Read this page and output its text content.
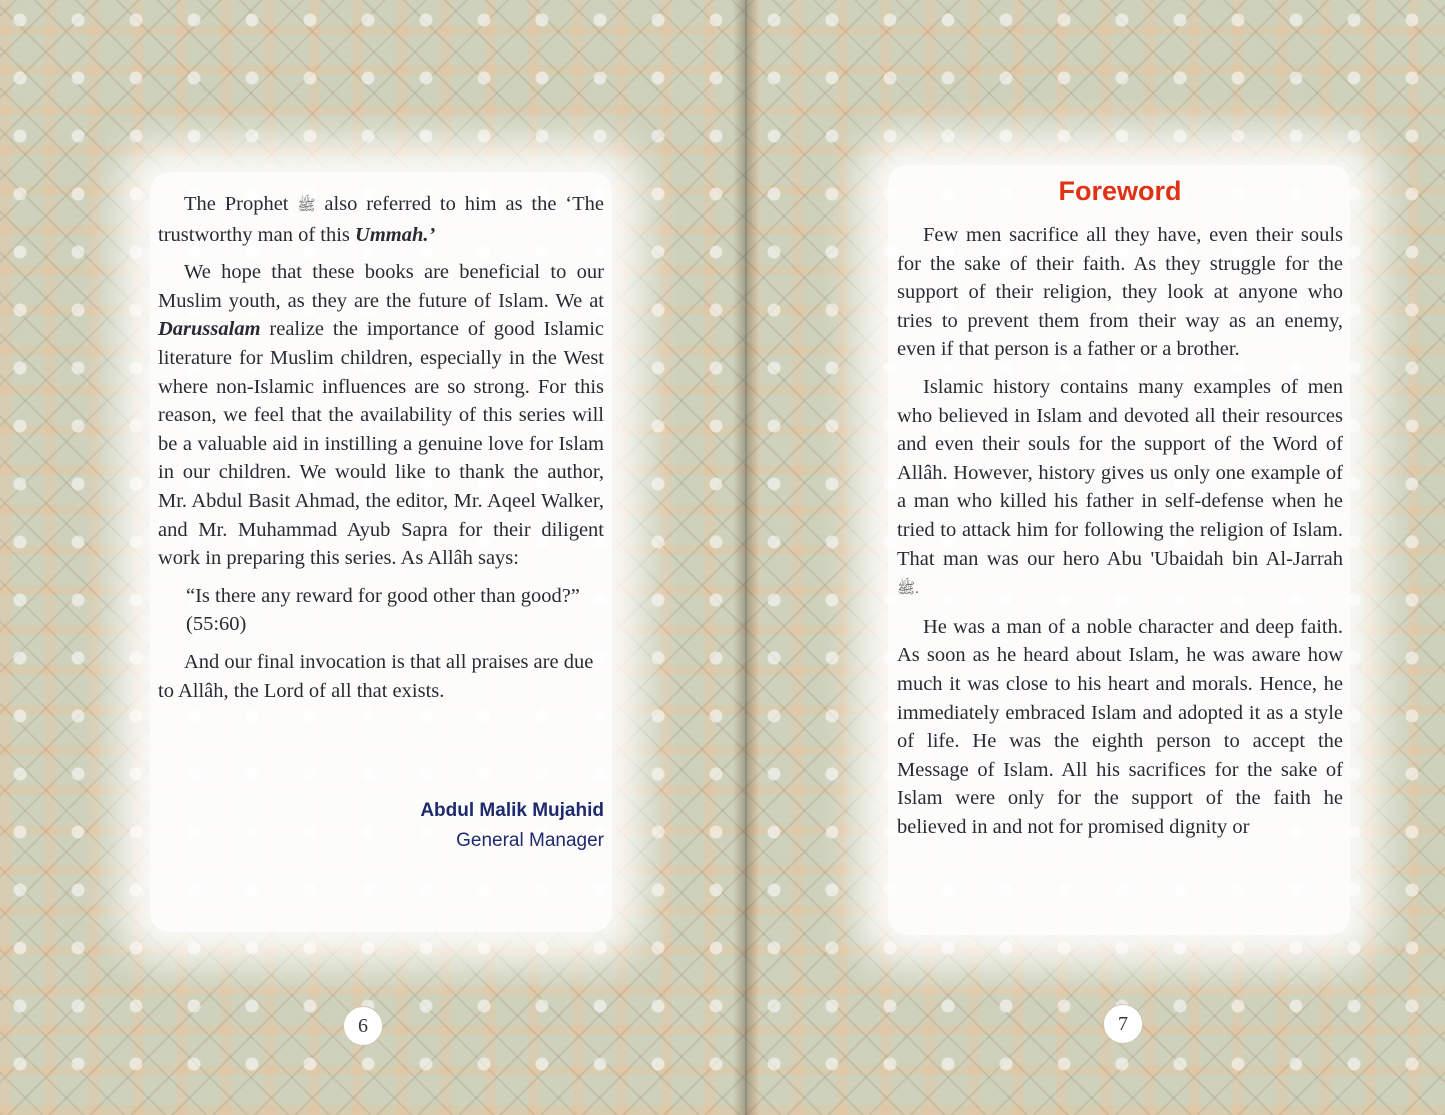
The Prophet ﷺ also referred to him as the ‘The trustworthy man of this Ummah.’

We hope that these books are beneficial to our Muslim youth, as they are the future of Islam. We at Darussalam realize the importance of good Islamic literature for Muslim children, especially in the West where non-Islamic influences are so strong. For this reason, we feel that the availability of this series will be a valuable aid in instilling a genuine love for Islam in our children. We would like to thank the author, Mr. Abdul Basit Ahmad, the editor, Mr. Aqeel Walker, and Mr. Muhammad Ayub Sapra for their diligent work in preparing this series. As Allâh says:

“Is there any reward for good other than good?” (55:60)

And our final invocation is that all praises are due to Allâh, the Lord of all that exists.

Abdul Malik Mujahid
General Manager
6
Foreword

Few men sacrifice all they have, even their souls for the sake of their faith. As they struggle for the support of their religion, they look at anyone who tries to prevent them from their way as an enemy, even if that person is a father or a brother.

Islamic history contains many examples of men who believed in Islam and devoted all their resources and even their souls for the support of the Word of Allâh. However, history gives us only one example of a man who killed his father in self-defense when he tried to attack him for following the religion of Islam. That man was our hero Abu 'Ubaidah bin Al-Jarrah ﷺ.

He was a man of a noble character and deep faith. As soon as he heard about Islam, he was aware how much it was close to his heart and morals. Hence, he immediately embraced Islam and adopted it as a style of life. He was the eighth person to accept the Message of Islam. All his sacrifices for the sake of Islam were only for the support of the faith he believed in and not for promised dignity or

7
